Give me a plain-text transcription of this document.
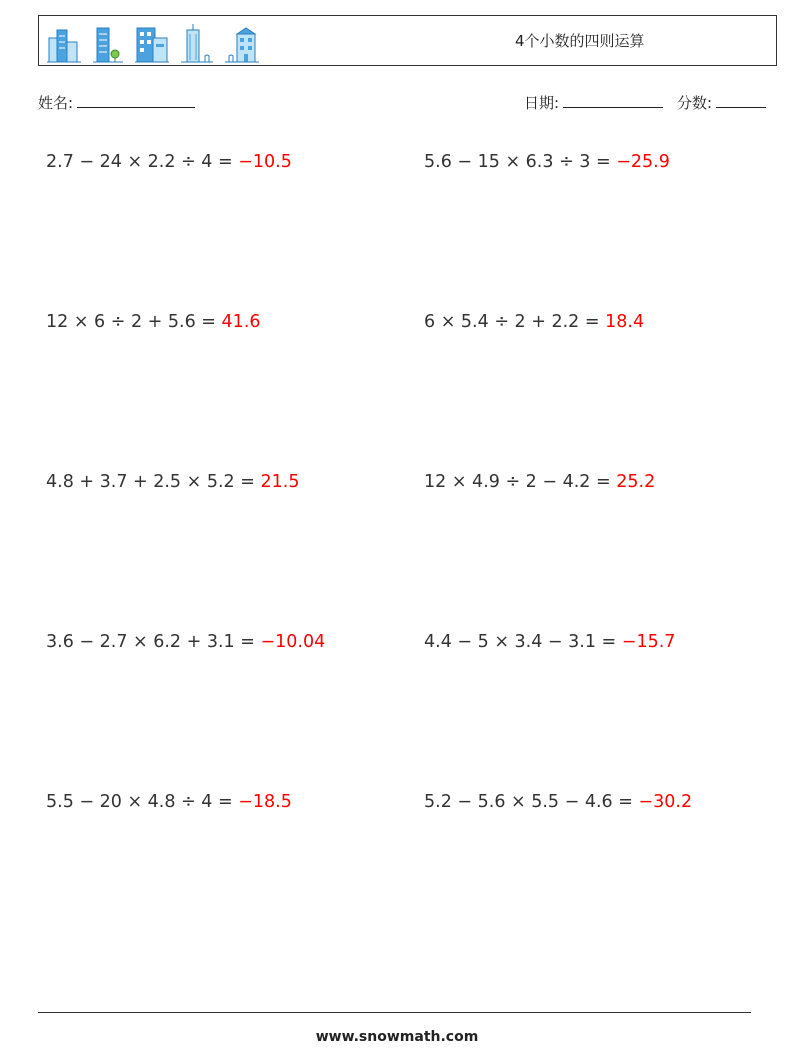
4个小数的四则运算
姓名:	日期:	分数:
2.7 − 24 × 2.2 ÷ 4 = −10.5	5.6 − 15 × 6.3 ÷ 3 = −25.9
12 × 6 ÷ 2 + 5.6 = 41.6	6 × 5.4 ÷ 2 + 2.2 = 18.4
4.8 + 3.7 + 2.5 × 5.2 = 21.5	12 × 4.9 ÷ 2 − 4.2 = 25.2
3.6 − 2.7 × 6.2 + 3.1 = −10.04	4.4 − 5 × 3.4 − 3.1 = −15.7
5.5 − 20 × 4.8 ÷ 4 = −18.5	5.2 − 5.6 × 5.5 − 4.6 = −30.2
www.snowmath.com
